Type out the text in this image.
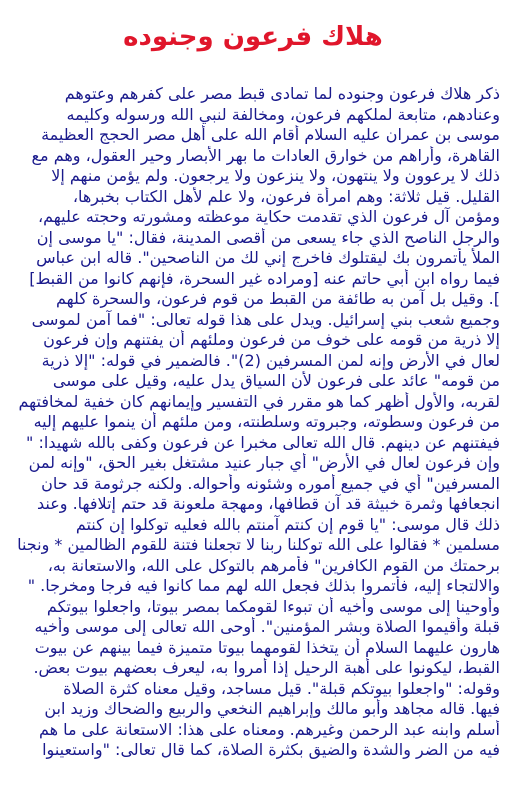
هلاك فرعون وجنوده
ذكر هلاك فرعون وجنوده لما تمادى قبط مصر على كفرهم وعتوهم
وعنادهم، متابعة لملكهم فرعون، ومخالفة لنبي الله ورسوله وكليمه
موسى بن عمران عليه السلام أقام الله على أهل مصر الحجج العظيمة
القاهرة، وأراهم من خوارق العادات ما بهر الأبصار وحير العقول، وهم مع
ذلك لا يرعوون ولا ينتهون، ولا ينزعون ولا يرجعون. ولم يؤمن منهم إلا
القليل. قيل ثلاثة: وهم امرأة فرعون، ولا علم لأهل الكتاب بخبرها،
ومؤمن آل فرعون الذي تقدمت حكاية موعظته ومشورته وحجته عليهم،
والرجل الناصح الذي جاء يسعى من أقصى المدينة، فقال: "يا موسى إن
الملأ يأتمرون بك ليقتلوك فاخرج إني لك من الناصحين". قاله ابن عباس
فيما رواه ابن أبي حاتم عنه [ومراده غير السحرة، فإنهم كانوا من القبط]
]. وقيل بل آمن به طائفة من القبط من قوم فرعون، والسحرة كلهم
وجميع شعب بني إسرائيل. ويدل على هذا قوله تعالى: "فما آمن لموسى
إلا ذرية من قومه على خوف من فرعون وملئهم أن يفتنهم وإن فرعون
لعال في الأرض وإنه لمن المسرفين (2)". فالضمير في قوله: "إلا ذرية
من قومه" عائد على فرعون لأن السياق يدل عليه، وقيل على موسى
لقربه، والأول أظهر كما هو مقرر في التفسير وإيمانهم كان خفية لمخافتهم
من فرعون وسطوته، وجبروته وسلطنته، ومن ملئهم أن ينموا عليهم إليه
فيفتنهم عن دينهم. قال الله تعالى مخبرا عن فرعون وكفى بالله شهيدا: "
وإن فرعون لعال في الأرض" أي جبار عنيد مشتغل بغير الحق، "وإنه لمن
المسرفين" أي في جميع أموره وشئونه وأحواله. ولكنه جرثومة قد حان
انجعافها وثمرة خبيثة قد آن قطافها، ومهجة ملعونة قد حتم إتلافها. وعند
ذلك قال موسى: "يا قوم إن كنتم آمنتم بالله فعليه توكلوا إن كنتم
مسلمين * فقالوا على الله توكلنا ربنا لا تجعلنا فتنة للقوم الظالمين * ونجنا
برحمتك من القوم الكافرين" فأمرهم بالتوكل على الله، والاستعانة به،
والالتجاء إليه، فأتمروا بذلك فجعل الله لهم مما كانوا فيه فرجا ومخرجا. "
وأوحينا إلى موسى وأخيه أن تبوءا لقومكما بمصر بيوتا، واجعلوا بيوتكم
قبلة وأقيموا الصلاة وبشر المؤمنين". أوحى الله تعالى إلى موسى وأخيه
هارون عليهما السلام أن يتخذا لقومهما بيوتا متميزة فيما بينهم عن بيوت
القبط، ليكونوا على أهبة الرحيل إذا أمروا به، ليعرف بعضهم بيوت بعض.
وقوله: "واجعلوا بيوتكم قبلة". قيل مساجد، وقيل معناه كثرة الصلاة
فيها. قاله مجاهد وأبو مالك وإبراهيم النخعي والربيع والضحاك وزيد ابن
أسلم وابنه عبد الرحمن وغيرهم. ومعناه على هذا: الاستعانة على ما هم
فيه من الضر والشدة والضيق بكثرة الصلاة، كما قال تعالى: "واستعينوا
